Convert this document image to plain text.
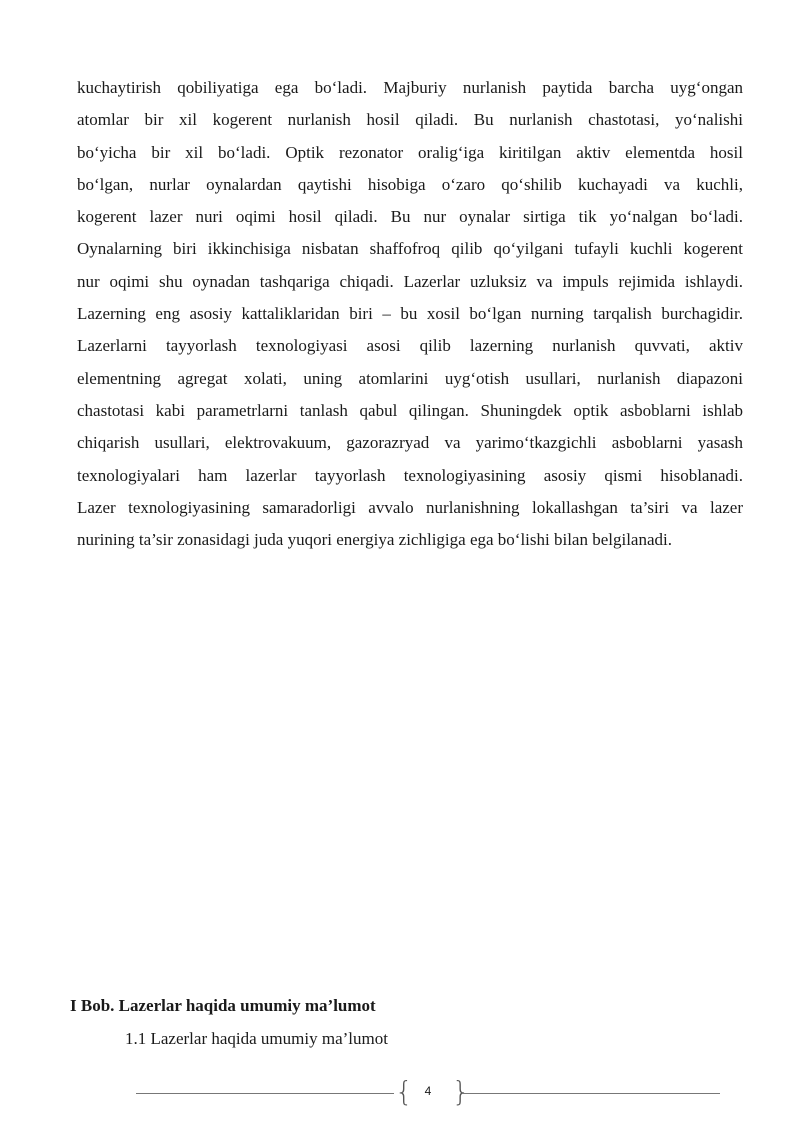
kuchaytirish qobiliyatiga ega boʻladi. Majburiy nurlanish paytida barcha uygʻongan
atomlar bir xil kogerent nurlanish hosil qiladi. Bu nurlanish chastotasi, yoʻnalishi
boʻyicha bir xil boʻladi. Optik rezonator oraligʻiga kiritilgan aktiv elementda hosil
boʻlgan, nurlar oynalardan qaytishi hisobiga oʻzaro qoʻshilib kuchayadi va kuchli,
kogerent lazer nuri oqimi hosil qiladi. Bu nur oynalar sirtiga tik yoʻnalgan boʻladi.
Oynalarning biri ikkinchisiga nisbatan shaffofroq qilib qoʻyilgani tufayli kuchli kogerent
nur oqimi shu oynadan tashqariga chiqadi. Lazerlar uzluksiz va impuls rejimida ishlaydi.
Lazerning eng asosiy kattaliklaridan biri – bu xosil boʻlgan nurning tarqalish burchagidir.
Lazerlarni tayyorlash texnologiyasi asosi qilib lazerning nurlanish quvvati, aktiv
elementning agregat xolati, uning atomlarini uygʻotish usullari, nurlanish diapazoni
chastotasi kabi parametrlarni tanlash qabul qilingan. Shuningdek optik asboblarni ishlab
chiqarish usullari, elektrovakuum, gazorazryad va yarimoʻtkazgichli asboblarni yasash
texnologiyalari ham lazerlar tayyorlash texnologiyasining asosiy qismi hisoblanadi.
Lazer texnologiyasining samaradorligi avvalo nurlanishning lokallashgan ta’siri va lazer
nurining ta’sir zonasidagi juda yuqori energiya zichligiga ega boʻlishi bilan belgilanadi.
I Bob. Lazerlar haqida umumiy ma’lumot
1.1 Lazerlar haqida umumiy ma’lumot
{ 4 }
